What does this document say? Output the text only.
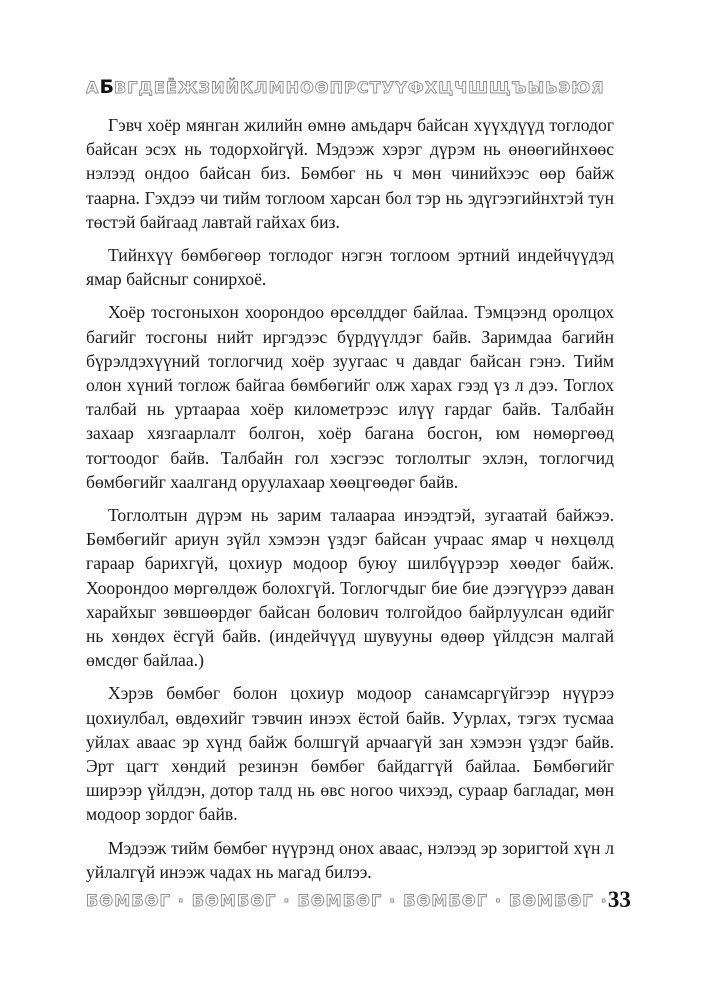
А Б ВГДЕЁЖЗИЙКЛМНОӨПРСТУҮФХЦЧШЩЪЫЬЭЮЯ

Гэвч хоёр мянган жилийн өмнө амьдарч байсан хүүхдүүд тоглодог байсан эсэх нь тодорхойгүй. Мэдээж хэрэг дүрэм нь өнөөгийнхөөс нэлээд ондоо байсан биз. Бөмбөг нь ч мөн чинийхээс өөр байж таарна. Гэхдээ чи тийм тоглоом харсан бол тэр нь эдүгээгийнхтэй тун төстэй байгаад лавтай гайхах биз.

Тийнхүү бөмбөгөөр тоглодог нэгэн тоглоом эртний индейчүүдэд ямар байсныг сонирхоё.

Хоёр тосгоныхон хоорондоо өрсөлддөг байлаа. Тэмцээнд оролцох багийг тосгоны нийт иргэдээс бүрдүүлдэг байв. Заримдаа багийн бүрэлдэхүүний тоглогчид хоёр зуугаас ч давдаг байсан гэнэ. Тийм олон хүний тоглож байгаа бөмбөгийг олж харах гээд үз л дээ. Тоглох талбай нь уртаараа хоёр километрээс илүү гардаг байв. Талбайн захаар хязгаарлалт болгон, хоёр багана босгон, юм нөмөргөөд тогтоодог байв. Талбайн гол хэсгээс тоглолтыг эхлэн, тоглогчид бөмбөгийг хаалганд оруулахаар хөөцгөөдөг байв.

Тоглолтын дүрэм нь зарим талаараа инээдтэй, зугаатай байжээ. Бөмбөгийг ариун зүйл хэмээн үздэг байсан учраас ямар ч нөхцөлд гараар барихгүй, цохиур модоор буюу шилбүүрээр хөөдөг байж. Хоорондоо мөргөлдөж болохгүй. Тоглогчдыг бие биe дээгүүрээ даван харайхыг зөвшөөрдөг байсан болович толгойдоо байрлуулсан өдийг нь хөндөх ёсгүй байв. (индейчүүд шувууны өдөөр үйлдсэн малгай өмсдөг байлаа.)

Хэрэв бөмбөг болон цохиур модоор санамсаргүйгээр нүүрээ цохиулбал, өвдөхийг тэвчин инээх ёстой байв. Уурлах, тэгэх тусмаа уйлах аваас эр хүнд байж болшгүй арчаагүй зан хэмээн үздэг байв. Эрт цагт хөндий резинэн бөмбөг байдаггүй байлаа. Бөмбөгийг ширээр үйлдэн, дотор талд нь өвс ногоо чихээд, сураар багладаг, мөн модоор зордог байв.

Мэдээж тийм бөмбөг нүүрэнд онох аваас, нэлээд эр зоригтой хүн л уйлалгүй инээж чадах нь магад билээ.

БӨМБӨГ · БӨМБӨГ · БӨМБӨГ · БӨМБӨГ · БӨМБӨГ · 33
